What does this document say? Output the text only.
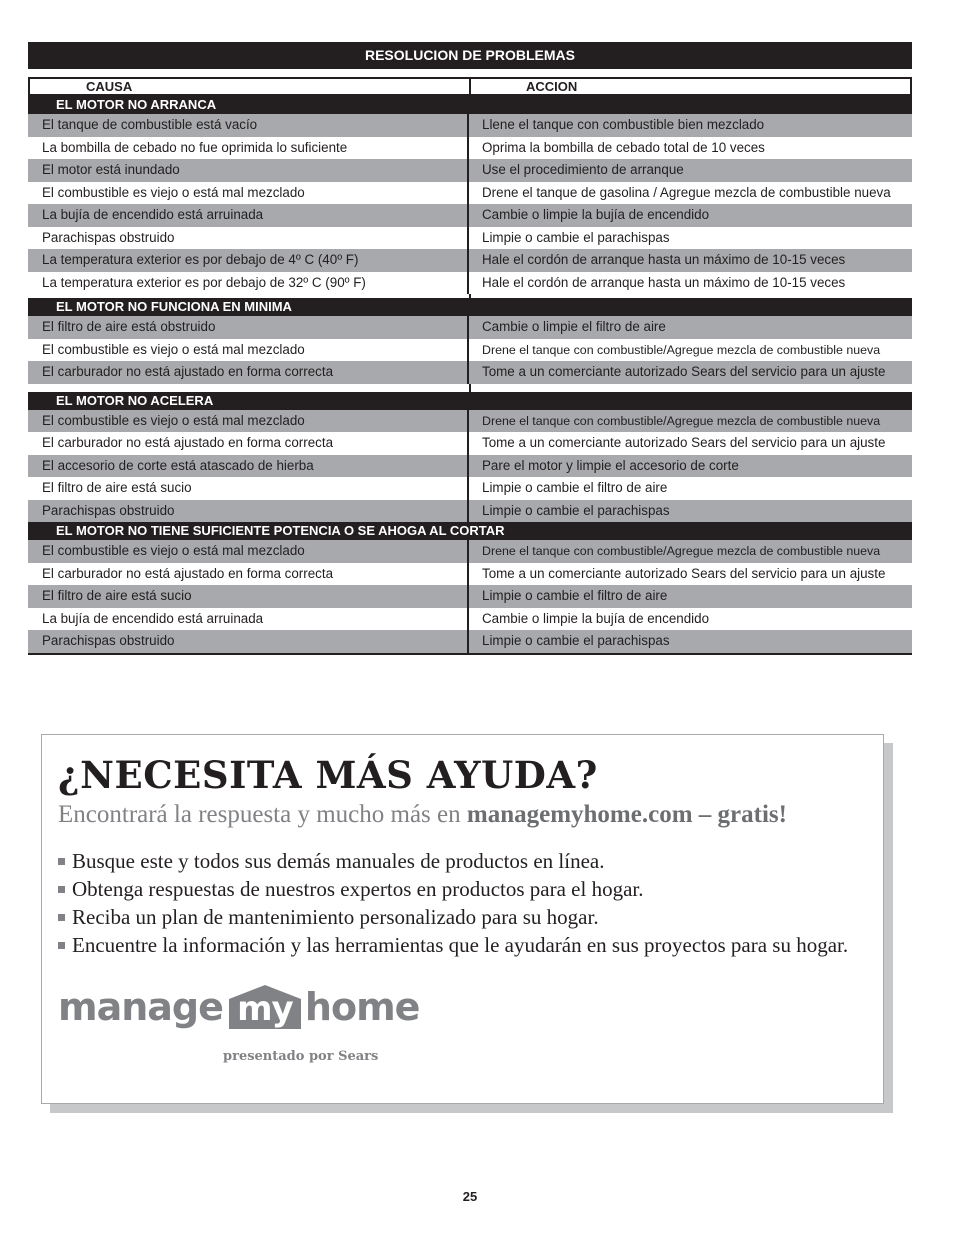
RESOLUCION DE PROBLEMAS
CAUSA	ACCION
EL MOTOR NO ARRANCA
El tanque de combustible está vacío	Llene el tanque con combustible bien mezclado
La bombilla de cebado no fue oprimida lo suficiente	Oprima la bombilla de cebado total de 10 veces
El motor está inundado	Use el procedimiento de arranque
El combustible es viejo o está mal mezclado	Drene el tanque de gasolina / Agregue mezcla de combustible nueva
La bujía de encendido está arruinada	Cambie o limpie la bujía de encendido
Parachispas obstruido	Limpie o cambie el parachispas
La temperatura exterior es por debajo de 4º C (40º F)	Hale el cordón de arranque hasta un máximo de 10-15 veces
La temperatura exterior es por debajo de 32º C (90º F)	Hale el cordón de arranque hasta un máximo de 10-15 veces
EL MOTOR NO FUNCIONA EN MINIMA
El filtro de aire está obstruido	Cambie o limpie el filtro de aire
El combustible es viejo o está mal mezclado	Drene el tanque con combustible/Agregue mezcla de combustible nueva
El carburador no está ajustado en forma correcta	Tome a un comerciante autorizado Sears del servicio para un ajuste
EL MOTOR NO ACELERA
El combustible es viejo o está mal mezclado	Drene el tanque con combustible/Agregue mezcla de combustible nueva
El carburador no está ajustado en forma correcta	Tome a un comerciante autorizado Sears del servicio para un ajuste
El accesorio de corte está atascado de hierba	Pare el motor y limpie el accesorio de corte
El filtro de aire está sucio	Limpie o cambie el filtro de aire
Parachispas obstruido	Limpie o cambie el parachispas
EL MOTOR NO TIENE SUFICIENTE POTENCIA O SE AHOGA AL CORTAR
El combustible es viejo o está mal mezclado	Drene el tanque con combustible/Agregue mezcla de combustible nueva
El carburador no está ajustado en forma correcta	Tome a un comerciante autorizado Sears del servicio para un ajuste
El filtro de aire está sucio	Limpie o cambie el filtro de aire
La bujía de encendido está arruinada	Cambie o limpie la bujía de encendido
Parachispas obstruido	Limpie o cambie el parachispas
¿NECESITA MÁS AYUDA?
Encontrará la respuesta y mucho más en managemyhome.com – gratis!
Busque este y todos sus demás manuales de productos en línea.
Obtenga respuestas de nuestros expertos en productos para el hogar.
Reciba un plan de mantenimiento personalizado para su hogar.
Encuentre la información y las herramientas que le ayudarán en sus proyectos para su hogar.
manage my home
presentado por Sears
25
